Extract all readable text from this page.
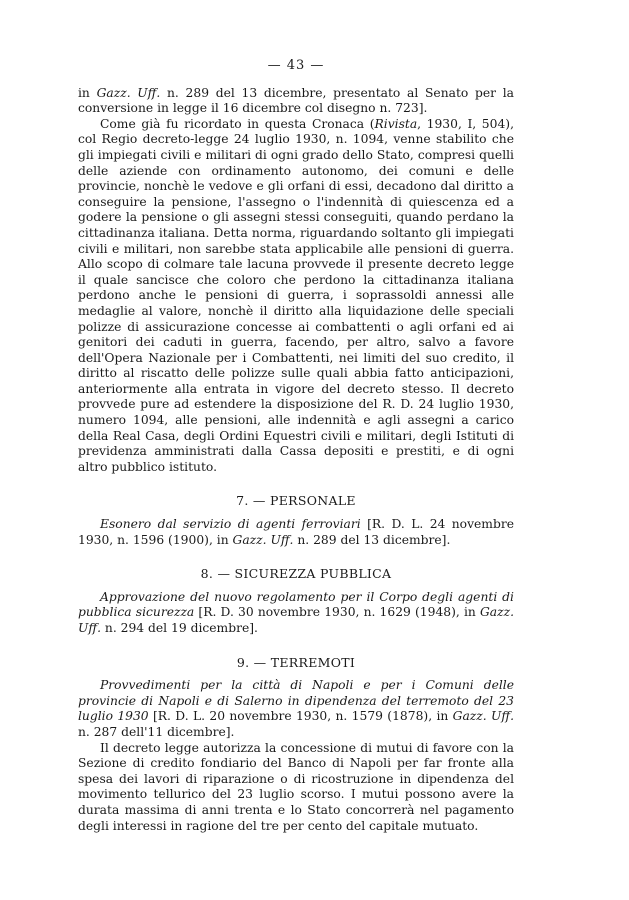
— 43 —

in Gazz. Uff. n. 289 del 13 dicembre, presentato al Senato per la conversione in legge il 16 dicembre col disegno n. 723].

Come già fu ricordato in questa Cronaca (Rivista, 1930, I, 504), col Regio decreto-legge 24 luglio 1930, n. 1094, venne stabilito che gli impiegati civili e militari di ogni grado dello Stato, compresi quelli delle aziende con ordinamento autonomo, dei comuni e delle provincie, nonchè le vedove e gli orfani di essi, decadono dal diritto a conseguire la pensione, l'assegno o l'indennità di quiescenza ed a godere la pensione o gli assegni stessi conseguiti, quando perdano la cittadinanza italiana. Detta norma, riguardando soltanto gli impiegati civili e militari, non sarebbe stata applicabile alle pensioni di guerra. Allo scopo di colmare tale lacuna provvede il presente decreto legge il quale sancisce che coloro che perdono la cittadinanza italiana perdono anche le pensioni di guerra, i soprassoldi annessi alle medaglie al valore, nonchè il diritto alla liquidazione delle speciali polizze di assicurazione concesse ai combattenti o agli orfani ed ai genitori dei caduti in guerra, facendo, per altro, salvo a favore dell'Opera Nazionale per i Combattenti, nei limiti del suo credito, il diritto al riscatto delle polizze sulle quali abbia fatto anticipazioni, anteriormente alla entrata in vigore del decreto stesso. Il decreto provvede pure ad estendere la disposizione del R. D. 24 luglio 1930, numero 1094, alle pensioni, alle indennità e agli assegni a carico della Real Casa, degli Ordini Equestri civili e militari, degli Istituti di previdenza amministrati dalla Cassa depositi e prestiti, e di ogni altro pubblico istituto.

7. — PERSONALE

Esonero dal servizio di agenti ferroviari [R. D. L. 24 novembre 1930, n. 1596 (1900), in Gazz. Uff. n. 289 del 13 dicembre].

8. — SICUREZZA PUBBLICA

Approvazione del nuovo regolamento per il Corpo degli agenti di pubblica sicurezza [R. D. 30 novembre 1930, n. 1629 (1948), in Gazz. Uff. n. 294 del 19 dicembre].

9. — TERREMOTI

Provvedimenti per la città di Napoli e per i Comuni delle provincie di Napoli e di Salerno in dipendenza del terremoto del 23 luglio 1930 [R. D. L. 20 novembre 1930, n. 1579 (1878), in Gazz. Uff. n. 287 dell'11 dicembre].

Il decreto legge autorizza la concessione di mutui di favore con la Sezione di credito fondiario del Banco di Napoli per far fronte alla spesa dei lavori di riparazione o di ricostruzione in dipendenza del movimento tellurico del 23 luglio scorso. I mutui possono avere la durata massima di anni trenta e lo Stato concorrerà nel pagamento degli interessi in ragione del tre per cento del capitale mutuato.
